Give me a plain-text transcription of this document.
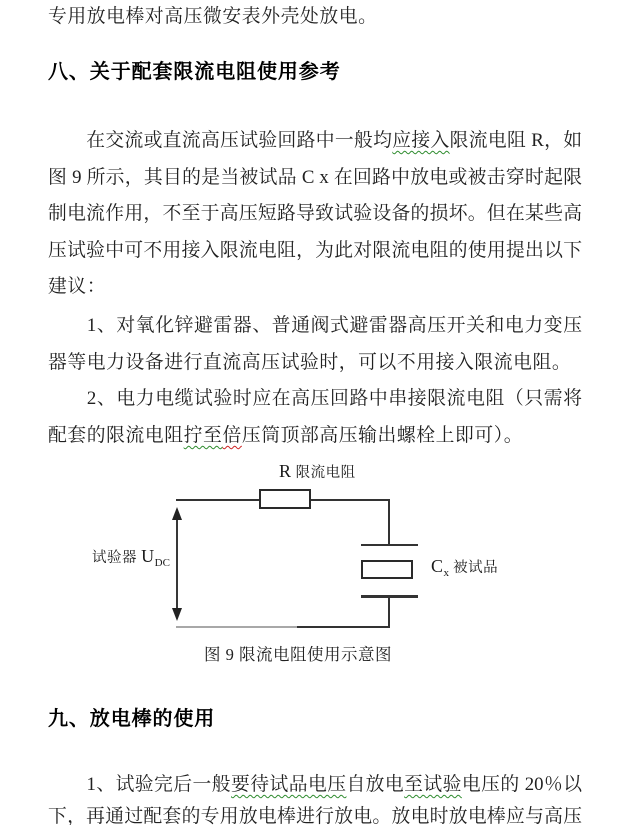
专用放电棒对高压微安表外壳处放电。
八、关于配套限流电阻使用参考
　　在交流或直流高压试验回路中一般均应接入限流电阻 R，如
图 9 所示，其目的是当被试品 C x 在回路中放电或被击穿时起限
制电流作用，不至于高压短路导致试验设备的损坏。但在某些高
压试验中可不用接入限流电阻，为此对限流电阻的使用提出以下
建议：
　　1、对氧化锌避雷器、普通阀式避雷器高压开关和电力变压
器等电力设备进行直流高压试验时，可以不用接入限流电阻。
　　2、电力电缆试验时应在高压回路中串接限流电阻（只需将
配套的限流电阻拧至倍压筒顶部高压输出螺栓上即可）。
图 9 限流电阻使用示意图
九、放电棒的使用
　　1、试验完后一般要待试品电压自放电至试验电压的 20％以
下，再通过配套的专用放电棒进行放电。放电时放电棒应与高压
R 限流电阻
试验器 $U_{DC}$	$C_x$ 被试品
